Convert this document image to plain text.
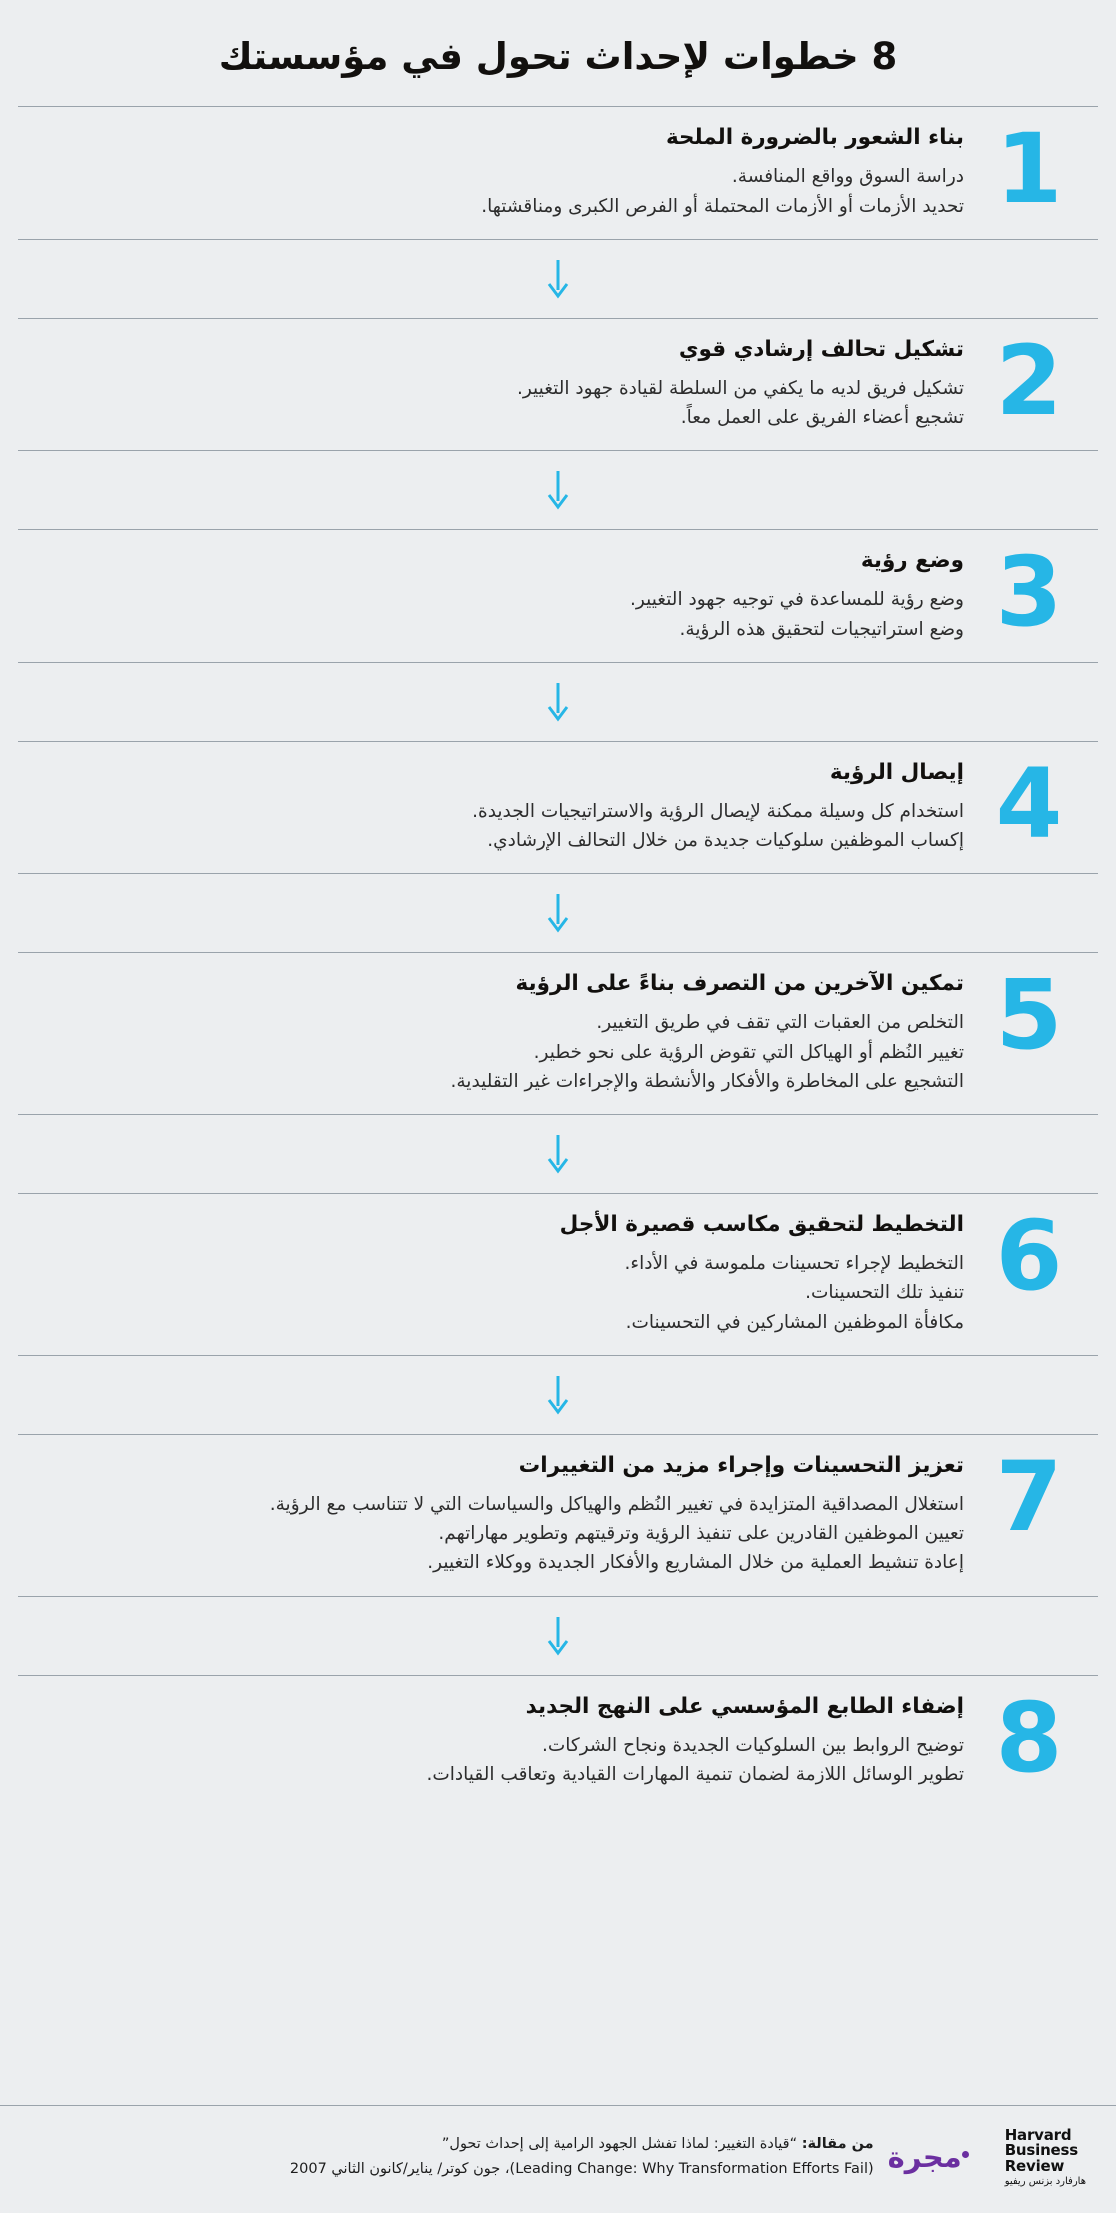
8 خطوات لإحداث تحول في مؤسستك
1
بناء الشعور بالضرورة الملحة
دراسة السوق وواقع المنافسة.
تحديد الأزمات أو الأزمات المحتملة أو الفرص الكبرى ومناقشتها.
2
تشكيل تحالف إرشادي قوي
تشكيل فريق لديه ما يكفي من السلطة لقيادة جهود التغيير.
تشجيع أعضاء الفريق على العمل معاً.
3
وضع رؤية
وضع رؤية للمساعدة في توجيه جهود التغيير.
وضع استراتيجيات لتحقيق هذه الرؤية.
4
إيصال الرؤية
استخدام كل وسيلة ممكنة لإيصال الرؤية والاستراتيجيات الجديدة.
إكساب الموظفين سلوكيات جديدة من خلال التحالف الإرشادي.
5
تمكين الآخرين من التصرف بناءً على الرؤية
التخلص من العقبات التي تقف في طريق التغيير.
تغيير النُظم أو الهياكل التي تقوض الرؤية على نحو خطير.
التشجيع على المخاطرة والأفكار والأنشطة والإجراءات غير التقليدية.
6
التخطيط لتحقيق مكاسب قصيرة الأجل
التخطيط لإجراء تحسينات ملموسة في الأداء.
تنفيذ تلك التحسينات.
مكافأة الموظفين المشاركين في التحسينات.
7
تعزيز التحسينات وإجراء مزيد من التغييرات
استغلال المصداقية المتزايدة في تغيير النُظم والهياكل والسياسات التي لا تتناسب مع الرؤية.
تعيين الموظفين القادرين على تنفيذ الرؤية وترقيتهم وتطوير مهاراتهم.
إعادة تنشيط العملية من خلال المشاريع والأفكار الجديدة ووكلاء التغيير.
8
إضفاء الطابع المؤسسي على النهج الجديد
توضيح الروابط بين السلوكيات الجديدة ونجاح الشركات.
تطوير الوسائل اللازمة لضمان تنمية المهارات القيادية وتعاقب القيادات.
من مقالة: “قيادة التغيير: لماذا تفشل الجهود الرامية إلى إحداث تحول”
(Leading Change: Why Transformation Efforts Fail)، جون كوتر/ يناير/كانون الثاني 2007
Harvard
Business
Review
هارفارد بزنس ريفيو
مجرة
